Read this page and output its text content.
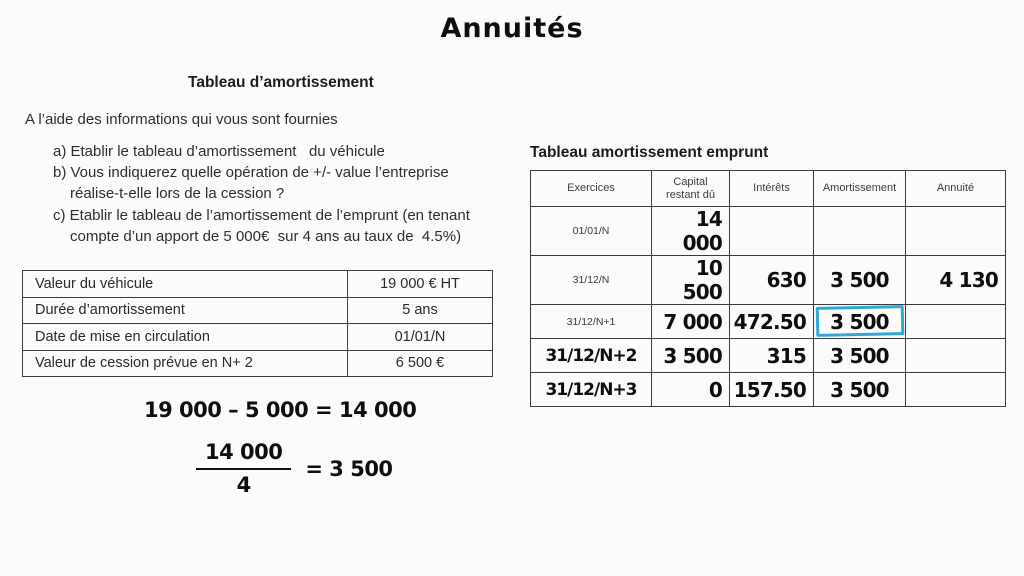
Annuités
Tableau d’amortissement
A l’aide des informations qui vous sont fournies
a) Etablir le tableau d’amortissement   du véhicule
b) Vous indiquerez quelle opération de +/- value l’entreprise
réalise-t-elle lors de la cession ?
c) Etablir le tableau de l’amortissement de l’emprunt (en tenant
compte d’un apport de 5 000€  sur 4 ans au taux de  4.5%)
Valeur du véhicule	19 000 € HT
Durée d’amortissement	5 ans
Date de mise en circulation	01/01/N
Valeur de cession prévue en N+ 2	6 500 €
19 000 – 5 000 = 14 000
$\frac{14 000}{4} = 3$ 500
Tableau amortissement emprunt
Exercices	Capital restant dû	Intérêts	Amortissement	Annuité
01/01/N	14 000			
31/12/N	10 500	630	3 500	4 130
31/12/N+1	7 000	472.50	3 500

31/12/N+2	3 500	315	3 500	
31/12/N+3	0	157.50	3 500	
